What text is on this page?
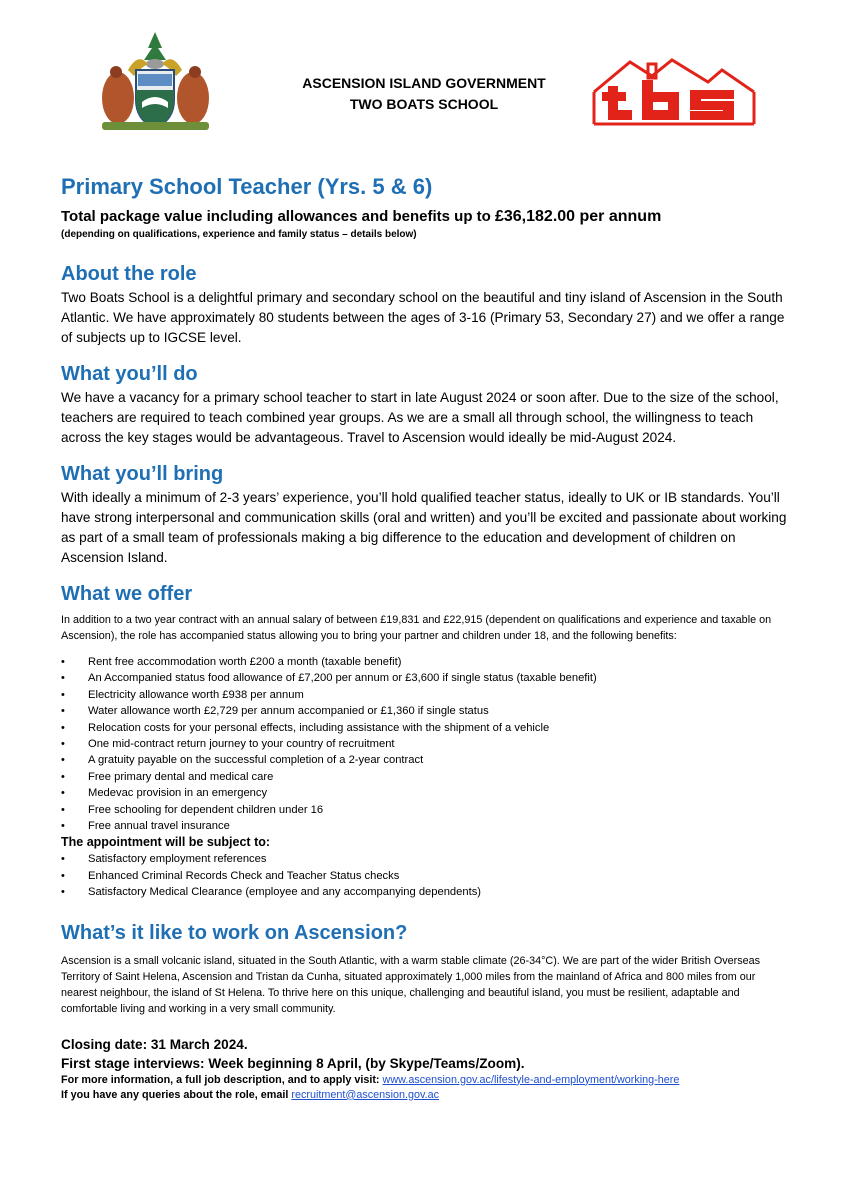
ASCENSION ISLAND GOVERNMENT
TWO BOATS SCHOOL
Primary School Teacher (Yrs. 5 & 6)
Total package value including allowances and benefits up to £36,182.00 per annum
(depending on qualifications, experience and family status – details below)
About the role

Two Boats School is a delightful primary and secondary school on the beautiful and tiny island of Ascension in the South Atlantic. We have approximately 80 students between the ages of 3-16 (Primary 53, Secondary 27) and we offer a range of subjects up to IGCSE level.

What you’ll do

We have a vacancy for a primary school teacher to start in late August 2024 or soon after. Due to the size of the school, teachers are required to teach combined year groups. As we are a small all through school, the willingness to teach across the key stages would be advantageous. Travel to Ascension would ideally be mid-August 2024.

What you’ll bring

With ideally a minimum of 2-3 years’ experience, you’ll hold qualified teacher status, ideally to UK or IB standards. You’ll have strong interpersonal and communication skills (oral and written) and you’ll be excited and passionate about working as part of a small team of professionals making a big difference to the education and development of children on Ascension Island.

What we offer

In addition to a two year contract with an annual salary of between £19,831 and £22,915 (dependent on qualifications and experience and taxable on Ascension), the role has accompanied status allowing you to bring your partner and children under 18, and the following benefits:

• Rent free accommodation worth £200 a month (taxable benefit)
• An Accompanied status food allowance of £7,200 per annum or £3,600 if single status (taxable benefit)
• Electricity allowance worth £938 per annum
• Water allowance worth £2,729 per annum accompanied or £1,360 if single status
• Relocation costs for your personal effects, including assistance with the shipment of a vehicle
• One mid-contract return journey to your country of recruitment
• A gratuity payable on the successful completion of a 2-year contract
• Free primary dental and medical care
• Medevac provision in an emergency
• Free schooling for dependent children under 16
• Free annual travel insurance

The appointment will be subject to:

• Satisfactory employment references
• Enhanced Criminal Records Check and Teacher Status checks
• Satisfactory Medical Clearance (employee and any accompanying dependents)
What’s it like to work on Ascension?

Ascension is a small volcanic island, situated in the South Atlantic, with a warm stable climate (26-34°C). We are part of the wider British Overseas Territory of Saint Helena, Ascension and Tristan da Cunha, situated approximately 1,000 miles from the mainland of Africa and 800 miles from our nearest neighbour, the island of St Helena. To thrive here on this unique, challenging and beautiful island, you must be resilient, adaptable and comfortable living and working in a very small community.

Closing date: 31 March 2024.

First stage interviews: Week beginning 8 April, (by Skype/Teams/Zoom).

For more information, a full job description, and to apply visit: www.ascension.gov.ac/lifestyle-and-employment/working-here

If you have any queries about the role, email recruitment@ascension.gov.ac
